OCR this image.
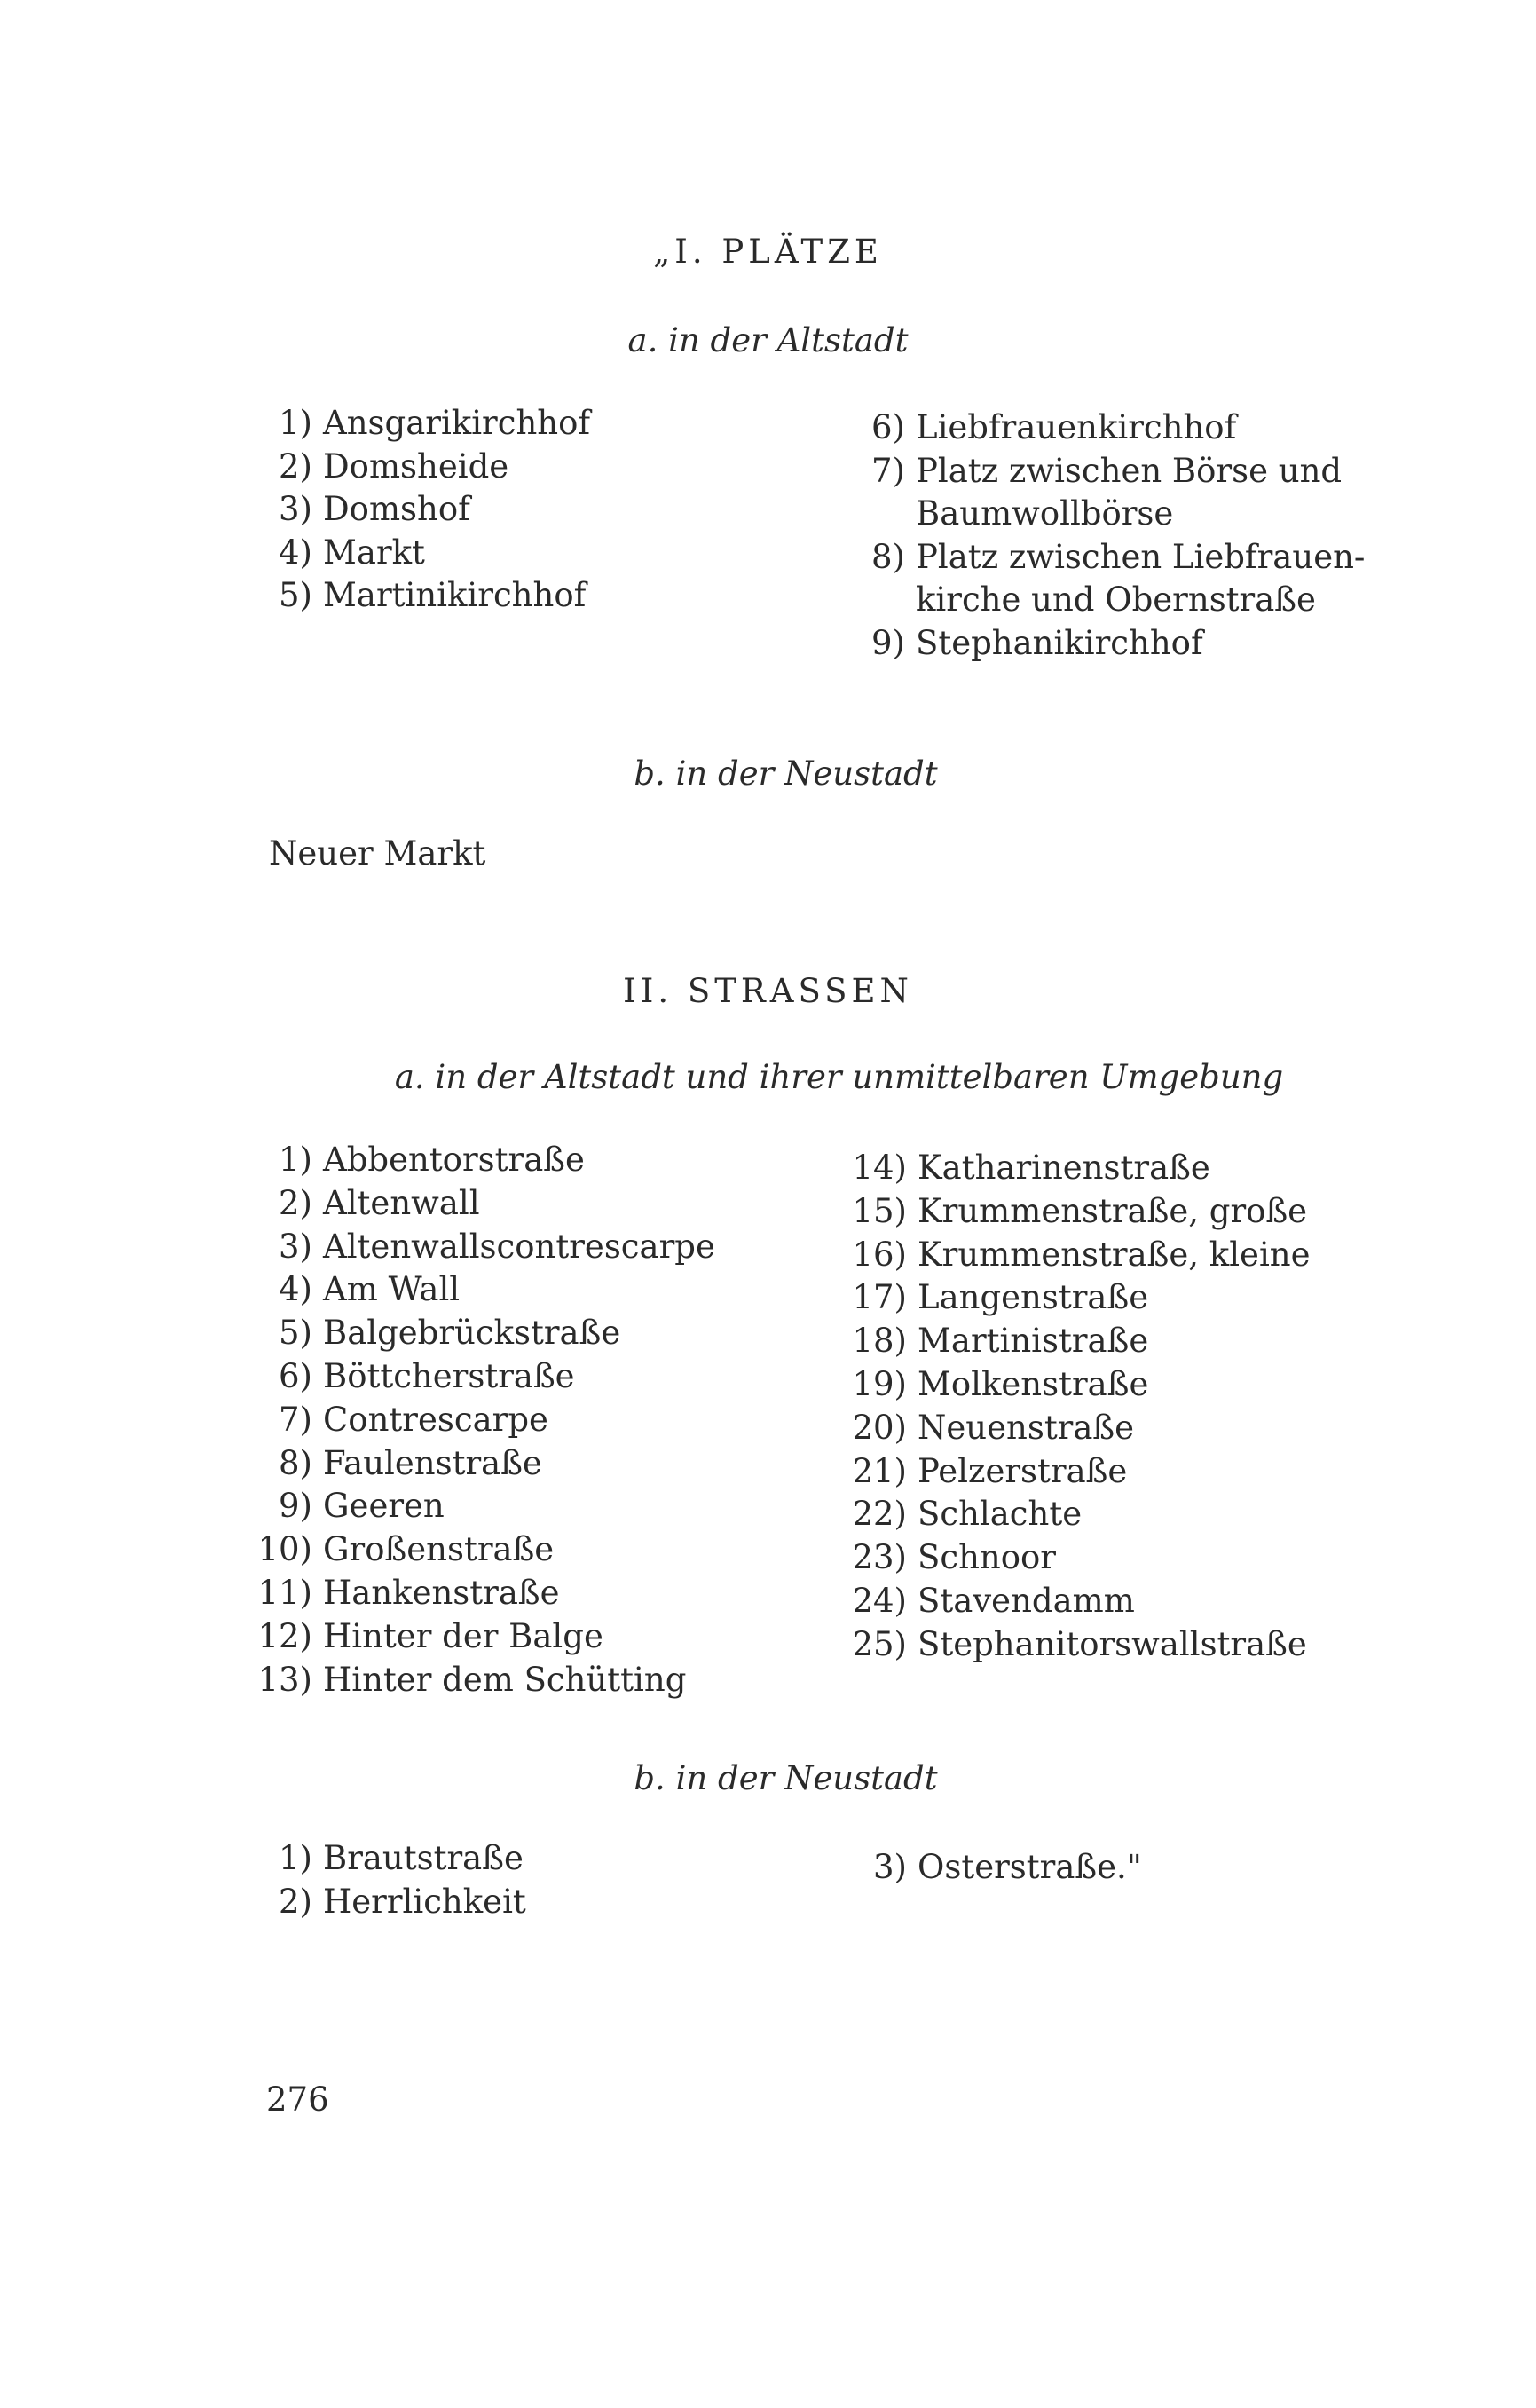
„I. PLÄTZE
a. in der Altstadt
1) Ansgarikirchhof
2) Domsheide
3) Domshof
4) Markt
5) Martinikirchhof
6) Liebfrauenkirchhof
7) Platz zwischen Börse und
Baumwollbörse
8) Platz zwischen Liebfrauen-
kirche und Obernstraße
9) Stephanikirchhof
b. in der Neustadt
Neuer Markt
II. STRASSEN
a. in der Altstadt und ihrer unmittelbaren Umgebung
1) Abbentorstraße
2) Altenwall
3) Altenwallscontrescarpe
4) Am Wall
5) Balgebrückstraße
6) Böttcherstraße
7) Contrescarpe
8) Faulenstraße
9) Geeren
10) Großenstraße
11) Hankenstraße
12) Hinter der Balge
13) Hinter dem Schütting
14) Katharinenstraße
15) Krummenstraße, große
16) Krummenstraße, kleine
17) Langenstraße
18) Martinistraße
19) Molkenstraße
20) Neuenstraße
21) Pelzerstraße
22) Schlachte
23) Schnoor
24) Stavendamm
25) Stephanitorswallstraße
b. in der Neustadt
1) Brautstraße
2) Herrlichkeit
3) Osterstraße."
276
